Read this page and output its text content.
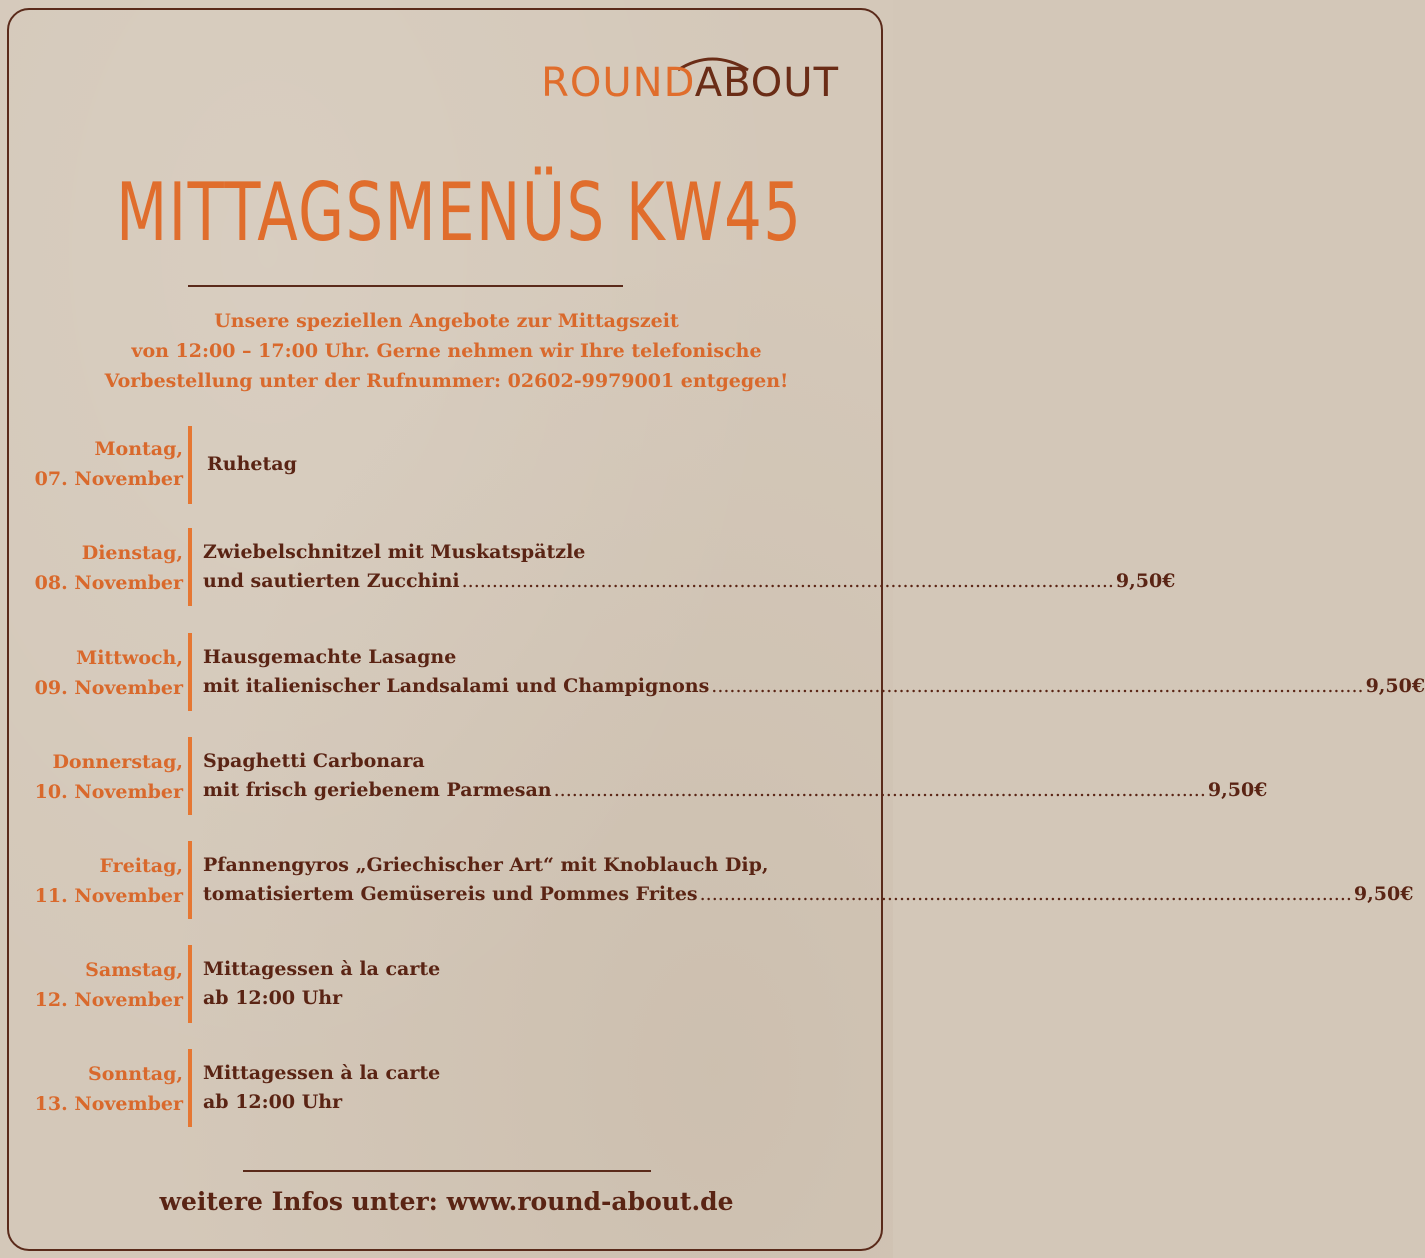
ROUNDABOUT
MITTAGSMENÜS KW45
Unsere speziellen Angebote zur Mittagszeit
von 12:00 – 17:00 Uhr. Gerne nehmen wir Ihre telefonische
Vorbestellung unter der Rufnummer: 02602-9979001 entgegen!
Montag,
07. November
Ruhetag
Dienstag,
08. November
Zwiebelschnitzel mit Muskatspätzle
und sautierten Zucchini ............................................................................................................ 9,50€
Mittwoch,
09. November
Hausgemachte Lasagne
mit italienischer Landsalami und Champignons ............................................................................................................ 9,50€
Donnerstag,
10. November
Spaghetti Carbonara
mit frisch geriebenem Parmesan ............................................................................................................ 9,50€
Freitag,
11. November
Pfannengyros „Griechischer Art“ mit Knoblauch Dip,
tomatisiertem Gemüsereis und Pommes Frites ............................................................................................................ 9,50€
Samstag,
12. November
Mittagessen à la carte
ab 12:00 Uhr
Sonntag,
13. November
Mittagessen à la carte
ab 12:00 Uhr
weitere Infos unter: www.round-about.de
